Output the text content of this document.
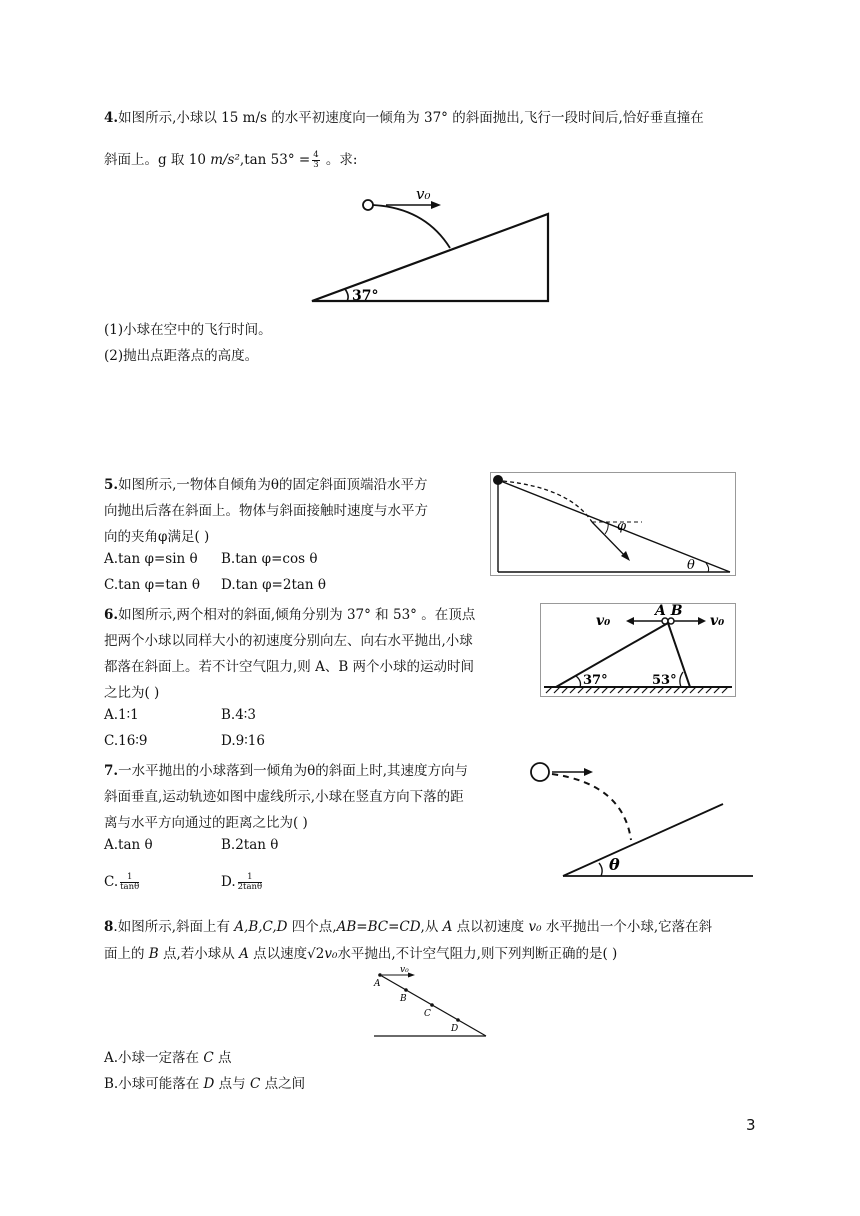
4.如图所示,小球以 15 m/s 的水平初速度向一倾角为 37° 的斜面抛出,飞行一段时间后,恰好垂直撞在
斜面上。g 取 10 m/s²,tan $53^\circ = \frac{4}{3}$ 。求:
v₀
37°
(1)小球在空中的飞行时间。
(2)抛出点距落点的高度。
5.如图所示,一物体自倾角为θ的固定斜面顶端沿水平方
向抛出后落在斜面上。物体与斜面接触时速度与水平方
向的夹角φ满足( )
A.tan φ=sin θ B.tan φ=cos θ
C.tan φ=tan θ D.tan φ=2tan θ
φ
θ
6.如图所示,两个相对的斜面,倾角分别为 37° 和 53° 。在顶点
把两个小球以同样大小的初速度分别向左、向右水平抛出,小球
都落在斜面上。若不计空气阻力,则 A、B 两个小球的运动时间
之比为( )
A.1∶1	B.4∶3
C.16∶9	D.9∶16
A B
v₀	v₀
37°	53°
7.一水平抛出的小球落到一倾角为θ的斜面上时,其速度方向与
斜面垂直,运动轨迹如图中虚线所示,小球在竖直方向下落的距
离与水平方向通过的距离之比为( )
A.tan θ	B.2tan θ
C. $\frac{1}{\tan\theta}$	D. $\frac{1}{2\tan\theta}$
θ
8.如图所示,斜面上有 A,B,C,D 四个点,AB=BC=CD,从 A 点以初速度 v₀ 水平抛出一个小球,它落在斜
面上的 B 点,若小球从 A 点以速度√2v₀水平抛出,不计空气阻力,则下列判断正确的是( )
v₀
A
B
C
D
A.小球一定落在 C 点
B.小球可能落在 D 点与 C 点之间
3
